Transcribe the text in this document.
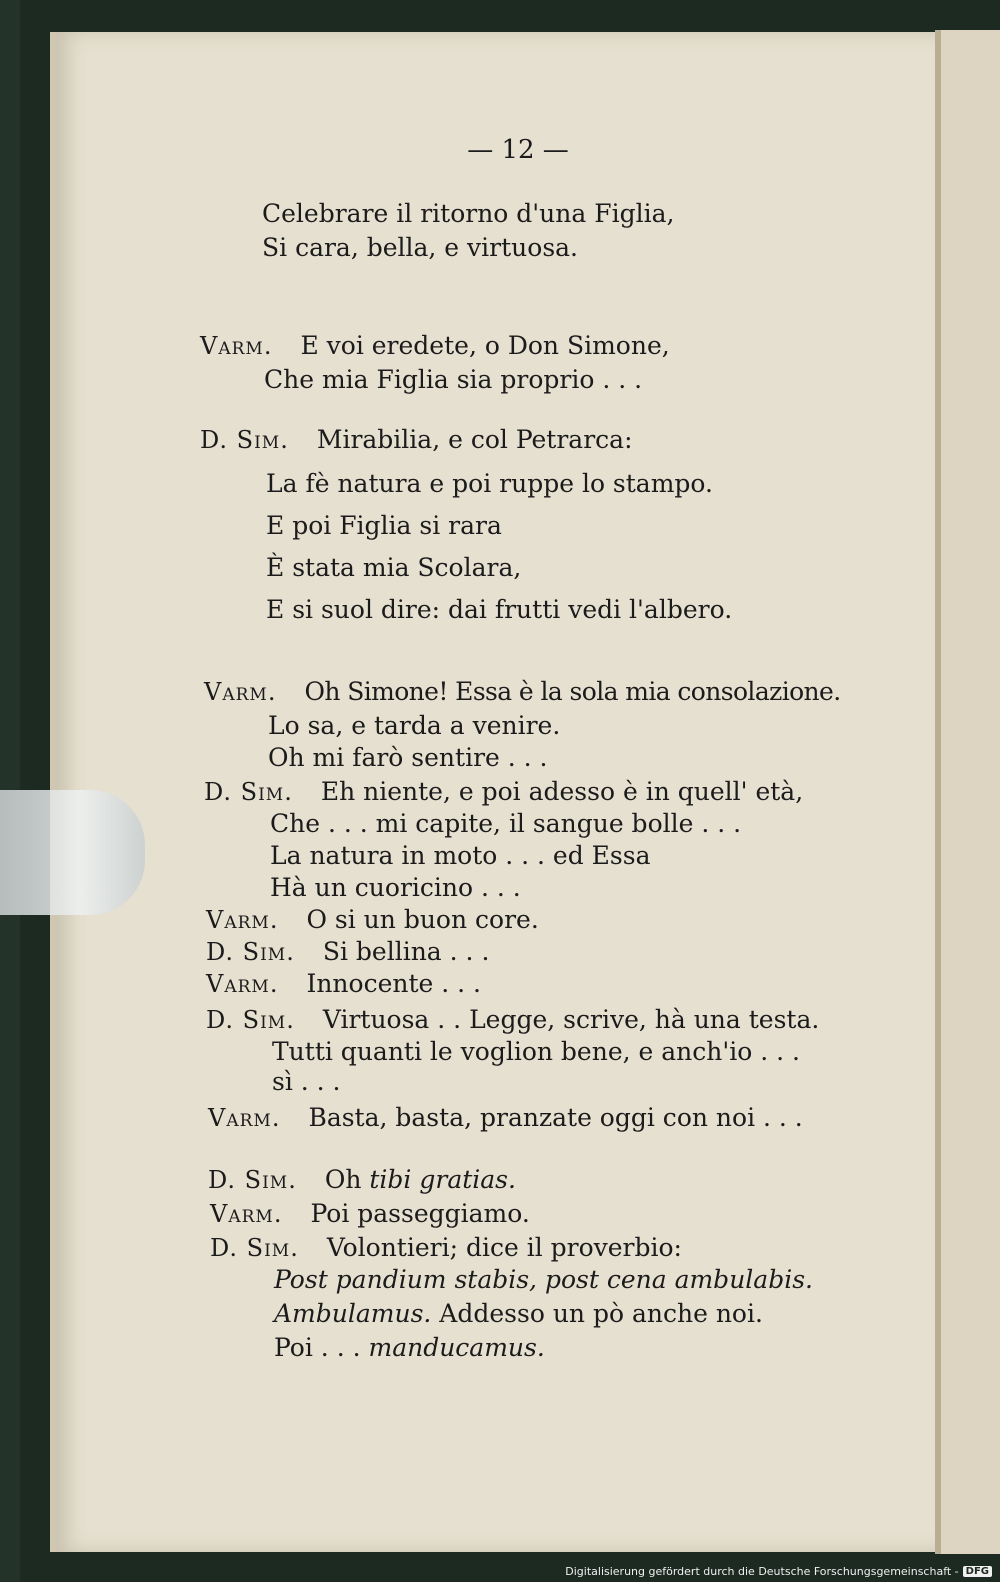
— 12 —
Celebrare il ritorno d'una Figlia,
Si cara, bella, e virtuosa.
Varm. E voi eredete, o Don Simone,
Che mia Figlia sia proprio . . .
D. Sim. Mirabilia, e col Petrarca:
La fè natura e poi ruppe lo stampo.
E poi Figlia si rara
È stata mia Scolara,
E si suol dire: dai frutti vedi l'albero.
Varm. Oh Simone! Essa è la sola mia consolazione.
Lo sa, e tarda a venire.
Oh mi farò sentire . . .
D. Sim. Eh niente, e poi adesso è in quell' età,
Che . . . mi capite, il sangue bolle . . .
La natura in moto . . . ed Essa
Hà un cuoricino . . .
Varm. O si un buon core.
D. Sim. Si bellina . . .
Varm. Innocente . . .
D. Sim. Virtuosa . . Legge, scrive, hà una testa.
Tutti quanti le voglion bene, e anch'io . . .
sì . . .
Varm. Basta, basta, pranzate oggi con noi . . .
D. Sim. Oh tibi gratias.
Varm. Poi passeggiamo.
D. Sim. Volontieri; dice il proverbio:
Post pandium stabis, post cena ambulabis.
Ambulamus. Addesso un pò anche noi.
Poi . . . manducamus.
Digitalisierung gefördert durch die Deutsche Forschungsgemeinschaft - DFG
